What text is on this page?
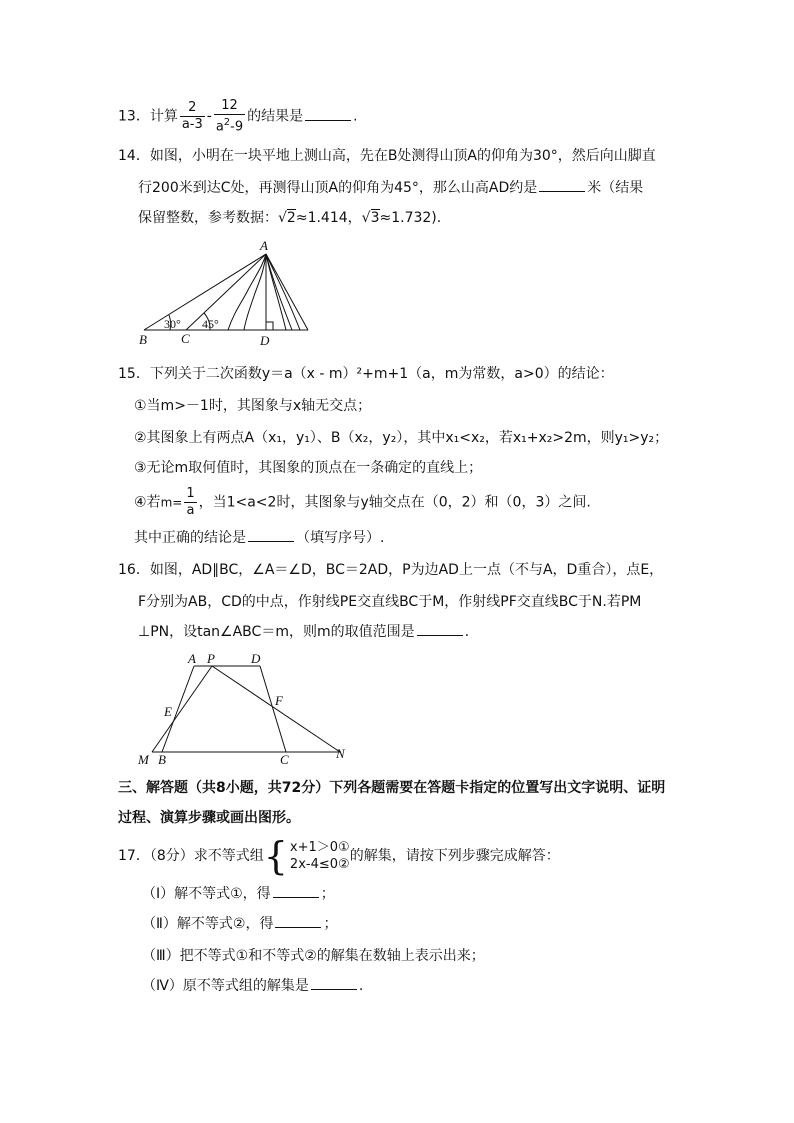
13．计算 $\frac{2}{a-3} - \frac{12}{a^2-9}$ 的结果是	.
14．如图，小明在一块平地上测山高，先在B处测得山顶A的仰角为30°，然后向山脚直
行200米到达C处，再测得山顶A的仰角为45°，那么山高AD约是	米（结果
保留整数，参考数据：√2≈1.414，√3≈1.732).
A
B	C	D
30° 45°
15．下列关于二次函数y＝a（x - m）²+m+1（a，m为常数，a>0）的结论：
①当m>－1时，其图象与x轴无交点；
②其图象上有两点A（x₁，y₁）、B（x₂，y₂），其中x₁<x₂，若x₁+x₂>2m，则y₁>y₂；
③无论m取何值时，其图象的顶点在一条确定的直线上；
④若$m= \frac{1}{a}$ ，当1<a<2时，其图象与y轴交点在（0，2）和（0，3）之间.
其中正确的结论是	（填写序号）.
16．如图，AD∥BC，∠A＝∠D，BC＝2AD，P为边AD上一点（不与A，D重合），点E，
F分别为AB，CD的中点，作射线PE交直线BC于M，作射线PF交直线BC于N.若PM
⊥PN，设tan∠ABC＝m，则m的取值范围是	.
A P	D
E
F
M B	C	N
三、解答题（共8小题，共72分）下列各题需要在答题卡指定的位置写出文字说明、证明
过程、演算步骤或画出图形。
17．（8分）求不等式组{ x+1＞0①
2x-4≤0②
的解集，请按下列步骤完成解答：
（Ⅰ）解不等式①，得	；
（Ⅱ）解不等式②，得	；
（Ⅲ）把不等式①和不等式②的解集在数轴上表示出来；
（Ⅳ）原不等式组的解集是	.
